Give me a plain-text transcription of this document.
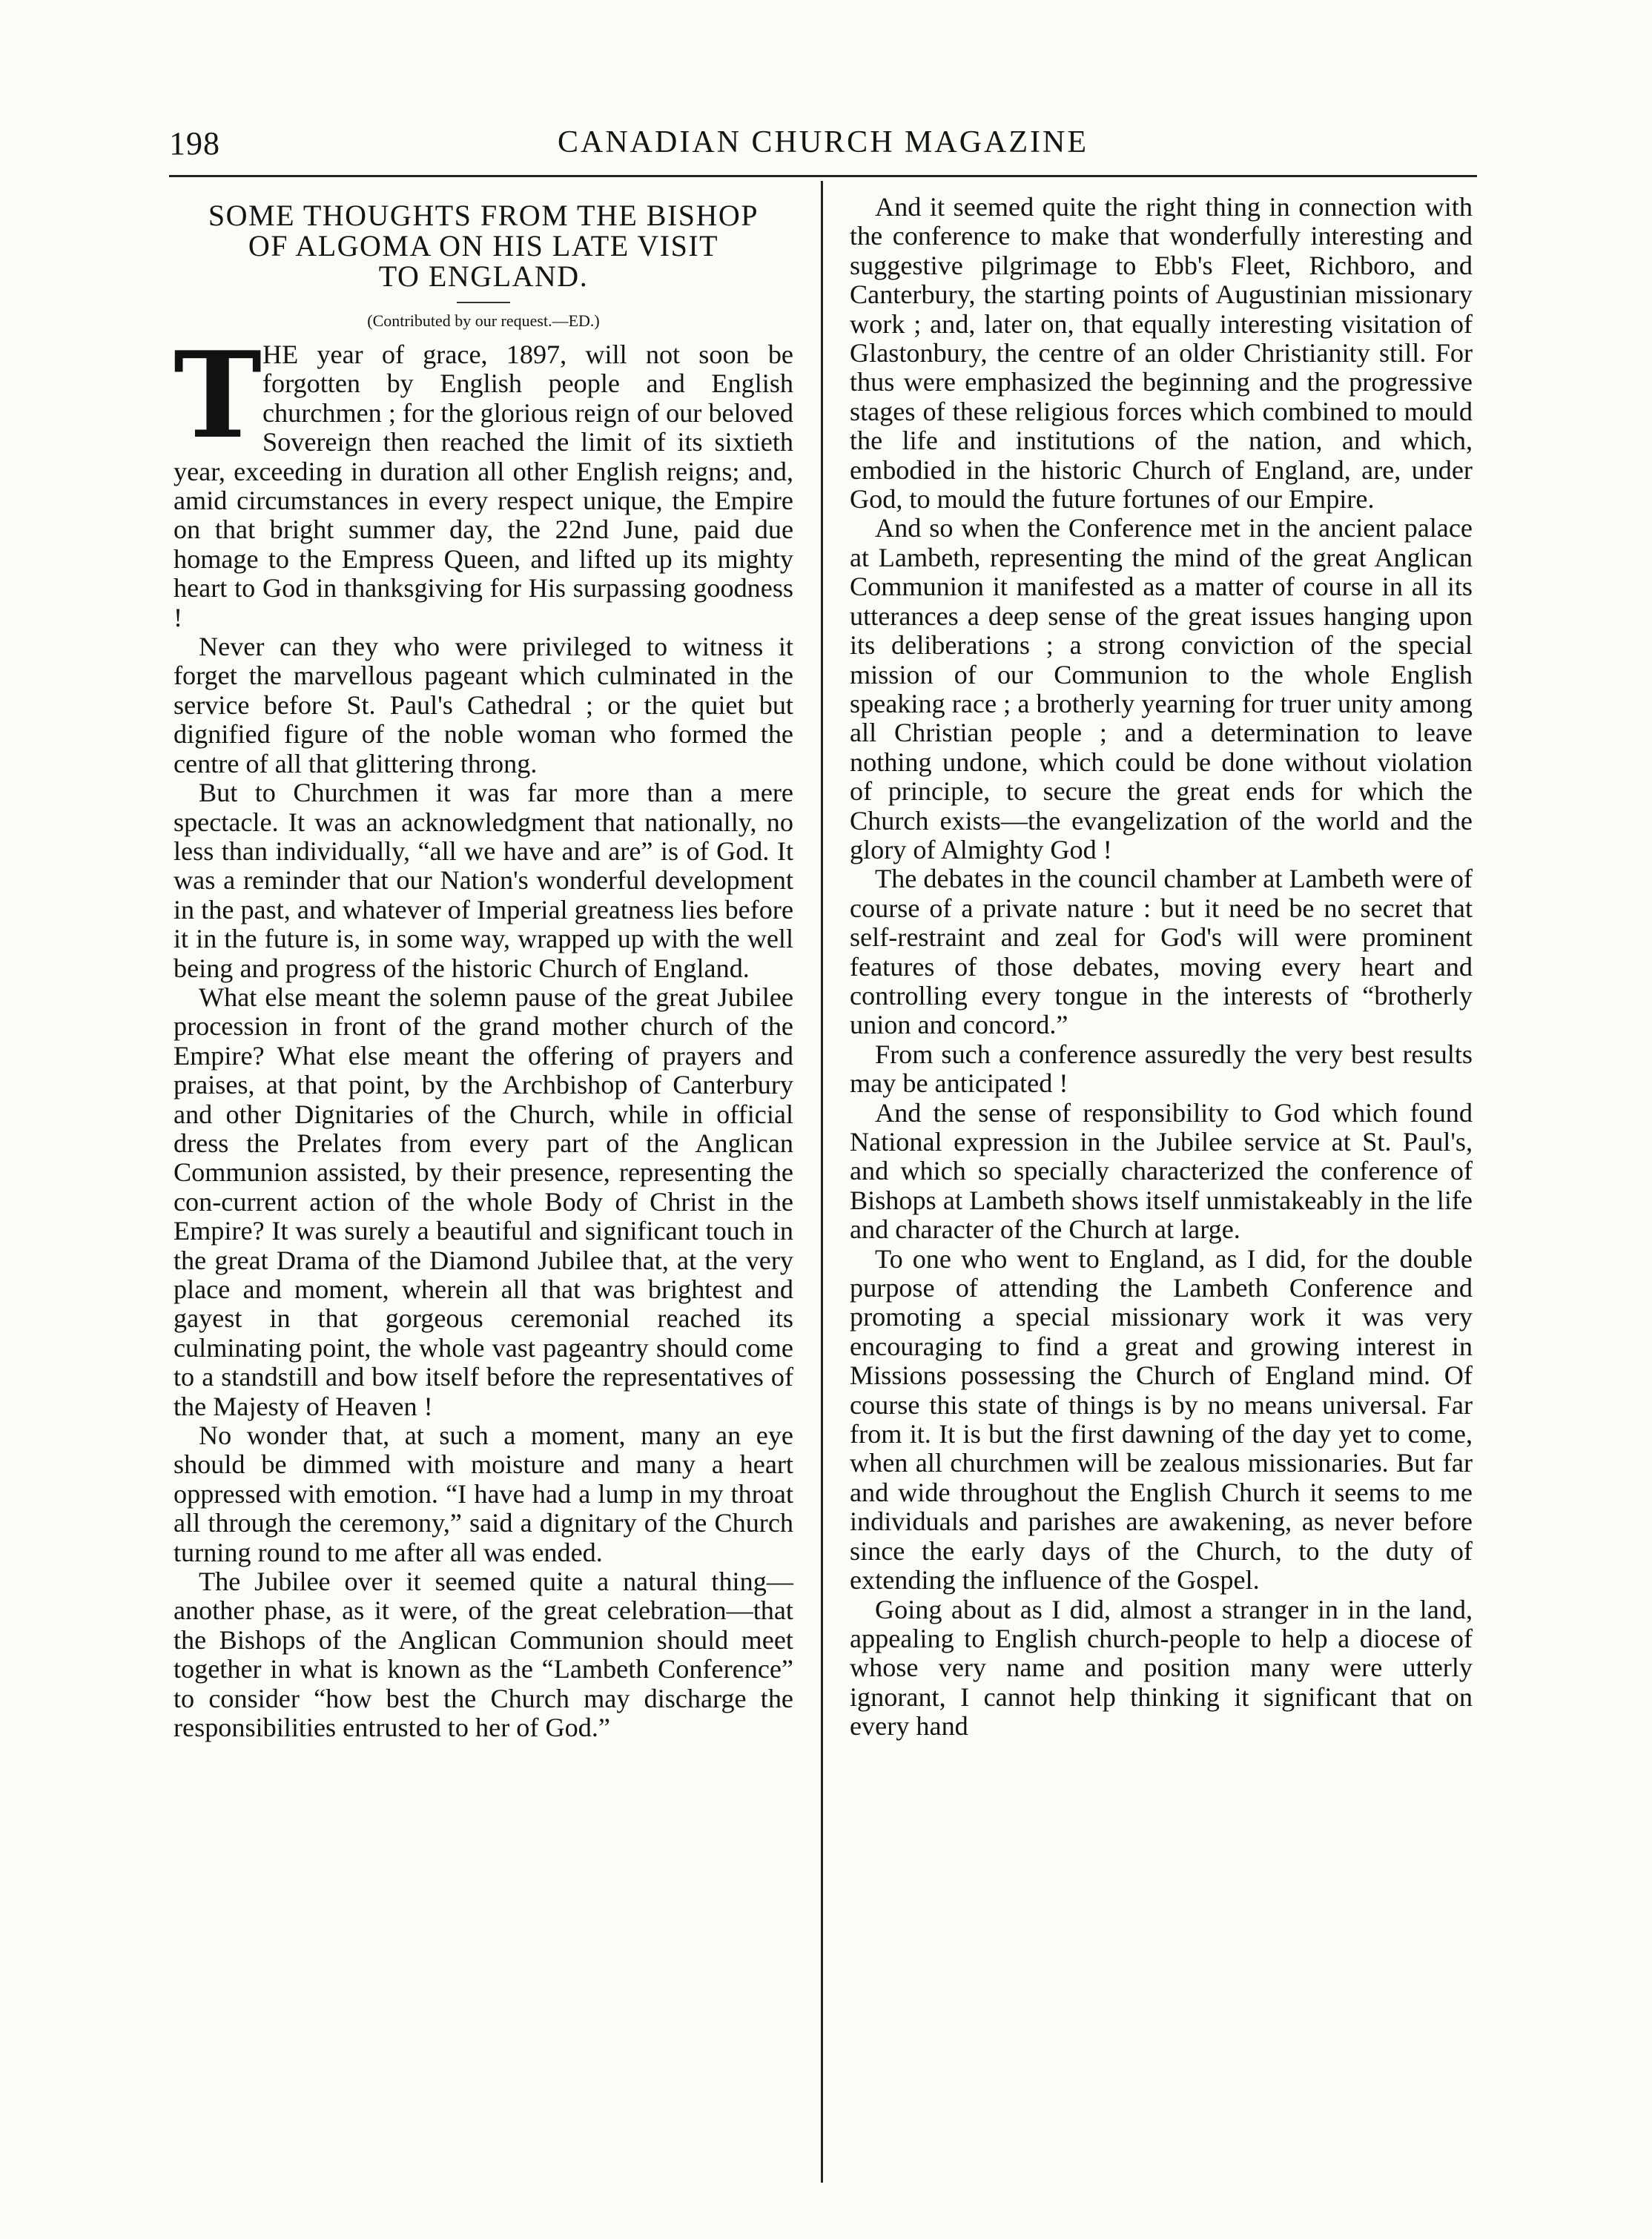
198	CANADIAN CHURCH MAGAZINE
SOME THOUGHTS FROM THE BISHOP
OF ALGOMA ON HIS LATE VISIT
TO ENGLAND.
(Contributed by our request.—ED.)

THE year of grace, 1897, will not soon be forgotten by English people and English churchmen ; for the glorious reign of our beloved Sovereign then reached the limit of its sixtieth year, exceeding in duration all other English reigns; and, amid circumstances in every respect unique, the Empire on that bright summer day, the 22nd June, paid due homage to the Empress Queen, and lifted up its mighty heart to God in thanksgiving for His surpassing goodness !

Never can they who were privileged to witness it forget the marvellous pageant which culminated in the service before St. Paul's Cathedral ; or the quiet but dignified figure of the noble woman who formed the centre of all that glittering throng.

But to Churchmen it was far more than a mere spectacle. It was an acknowledgment that nationally, no less than individually, “all we have and are” is of God. It was a reminder that our Nation's wonderful development in the past, and whatever of Imperial greatness lies before it in the future is, in some way, wrapped up with the well being and progress of the historic Church of England.

What else meant the solemn pause of the great Jubilee procession in front of the grand mother church of the Empire? What else meant the offering of prayers and praises, at that point, by the Archbishop of Canterbury and other Dignitaries of the Church, while in official dress the Prelates from every part of the Anglican Communion assisted, by their presence, representing the con-current action of the whole Body of Christ in the Empire? It was surely a beautiful and significant touch in the great Drama of the Diamond Jubilee that, at the very place and moment, wherein all that was brightest and gayest in that gorgeous ceremonial reached its culminating point, the whole vast pageantry should come to a standstill and bow itself before the representatives of the Majesty of Heaven !

No wonder that, at such a moment, many an eye should be dimmed with moisture and many a heart oppressed with emotion. “I have had a lump in my throat all through the ceremony,” said a dignitary of the Church turning round to me after all was ended.

The Jubilee over it seemed quite a natural thing—another phase, as it were, of the great celebration—that the Bishops of the Anglican Communion should meet together in what is known as the “Lambeth Conference” to consider “how best the Church may discharge the responsibilities entrusted to her of God.”

And it seemed quite the right thing in connection with the conference to make that wonderfully interesting and suggestive pilgrimage to Ebb's Fleet, Richboro, and Canterbury, the starting points of Augustinian missionary work ; and, later on, that equally interesting visitation of Glastonbury, the centre of an older Christianity still. For thus were emphasized the beginning and the progressive stages of these religious forces which combined to mould the life and institutions of the nation, and which, embodied in the historic Church of England, are, under God, to mould the future fortunes of our Empire.

And so when the Conference met in the ancient palace at Lambeth, representing the mind of the great Anglican Communion it manifested as a matter of course in all its utterances a deep sense of the great issues hanging upon its deliberations ; a strong conviction of the special mission of our Communion to the whole English speaking race ; a brotherly yearning for truer unity among all Christian people ; and a determination to leave nothing undone, which could be done without violation of principle, to secure the great ends for which the Church exists—the evangelization of the world and the glory of Almighty God !

The debates in the council chamber at Lambeth were of course of a private nature : but it need be no secret that self-restraint and zeal for God's will were prominent features of those debates, moving every heart and controlling every tongue in the interests of “brotherly union and concord.”

From such a conference assuredly the very best results may be anticipated !

And the sense of responsibility to God which found National expression in the Jubilee service at St. Paul's, and which so specially characterized the conference of Bishops at Lambeth shows itself unmistakeably in the life and character of the Church at large.

To one who went to England, as I did, for the double purpose of attending the Lambeth Conference and promoting a special missionary work it was very encouraging to find a great and growing interest in Missions possessing the Church of England mind. Of course this state of things is by no means universal. Far from it. It is but the first dawning of the day yet to come, when all churchmen will be zealous missionaries. But far and wide throughout the English Church it seems to me individuals and parishes are awakening, as never before since the early days of the Church, to the duty of extending the influence of the Gospel.

Going about as I did, almost a stranger in in the land, appealing to English church-people to help a diocese of whose very name and position many were utterly ignorant, I cannot help thinking it significant that on every hand
